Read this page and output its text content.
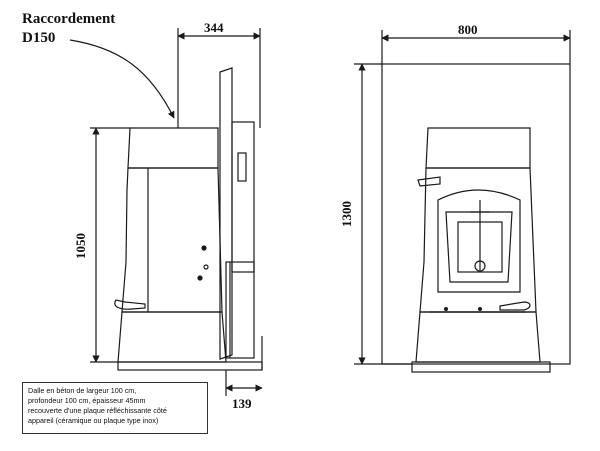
Raccordement
D150
344	800
1050
1300
139
Dalle en béton de largeur 100 cm,
profondeur 100 cm, épaisseur 45mm
recouverte d'une plaque réfléchissante côté
appareil (céramique ou plaque type inox)
